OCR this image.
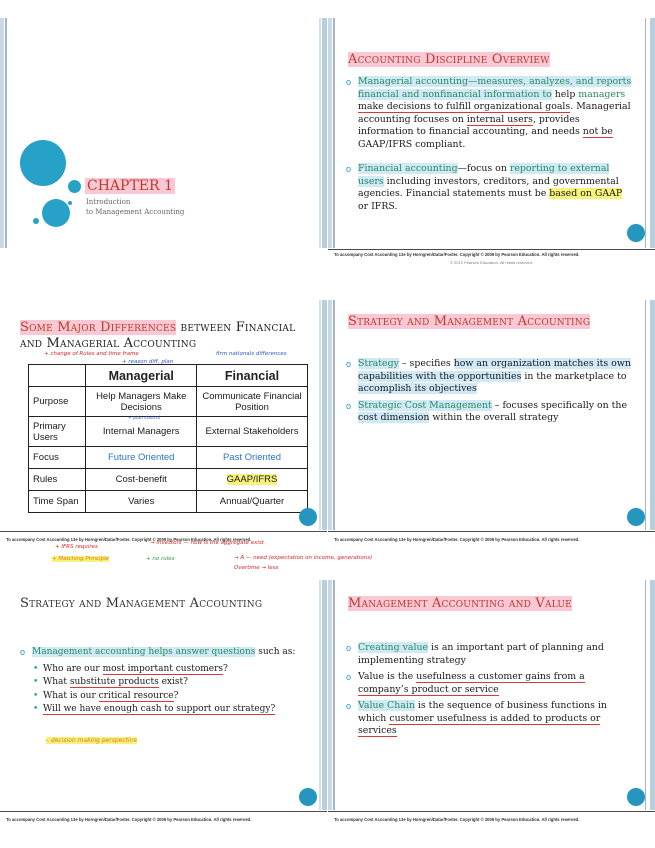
CHAPTER 1
Introduction
to Management Accounting
Accounting Discipline Overview
o Managerial accounting—measures, analyzes, and reports financial and nonfinancial information to help managers make decisions to fulfill organizational goals. Managerial accounting focuses on internal users, provides information to financial accounting, and needs not be GAAP/IFRS compliant.
o Financial accounting—focus on reporting to external users including investors, creditors, and governmental agencies. Financial statements must be based on GAAP or IFRS.
To accompany Cost Accounting 13e by Horngren/Datar/Foster. Copyright © 2009 by Pearson Education. All rights reserved.
© 2012 Pearson Education. All rights reserved.
Some Major Differences between Financial and Managerial Accounting
+ change of Rules and time frame	firm nationals differences
+ reason diff, plan
	Managerial	Financial
Purpose	Help Managers Make Decisions	Communicate Financial Position
Primary Users	Internal Managers	External Stakeholders
Focus	Future Oriented	Past Oriented
Rules	Cost-benefit	GAAP/IFRS
Time Span	Varies	Annual/Quarter
+ plan control
To accompany Cost Accounting 13e by Horngren/Datar/Foster. Copyright © 2009 by Pearson Education. All rights reserved.
+ IFRS requires
→ Investors — how is the aggregate exist
+ Matching Principle	+ no rules	→ A — need (expectation on income, generations)
Overtime → less
Strategy and Management Accounting
o Strategy – specifies how an organization matches its own capabilities with the opportunities in the marketplace to accomplish its objectives
o Strategic Cost Management – focuses specifically on the cost dimension within the overall strategy
To accompany Cost Accounting 13e by Horngren/Datar/Foster. Copyright © 2009 by Pearson Education. All rights reserved.
Strategy and Management Accounting
o Management accounting helps answer questions such as:
• Who are our most important customers?
• What substitute products exist?
• What is our critical resource?
• Will we have enough cash to support our strategy?
– decision making perspective
To accompany Cost Accounting 13e by Horngren/Datar/Foster. Copyright © 2009 by Pearson Education. All rights reserved.
Management Accounting and Value
o Creating value is an important part of planning and implementing strategy
o Value is the usefulness a customer gains from a company’s product or service
o Value Chain is the sequence of business functions in which customer usefulness is added to products or services
To accompany Cost Accounting 13e by Horngren/Datar/Foster. Copyright © 2009 by Pearson Education. All rights reserved.
